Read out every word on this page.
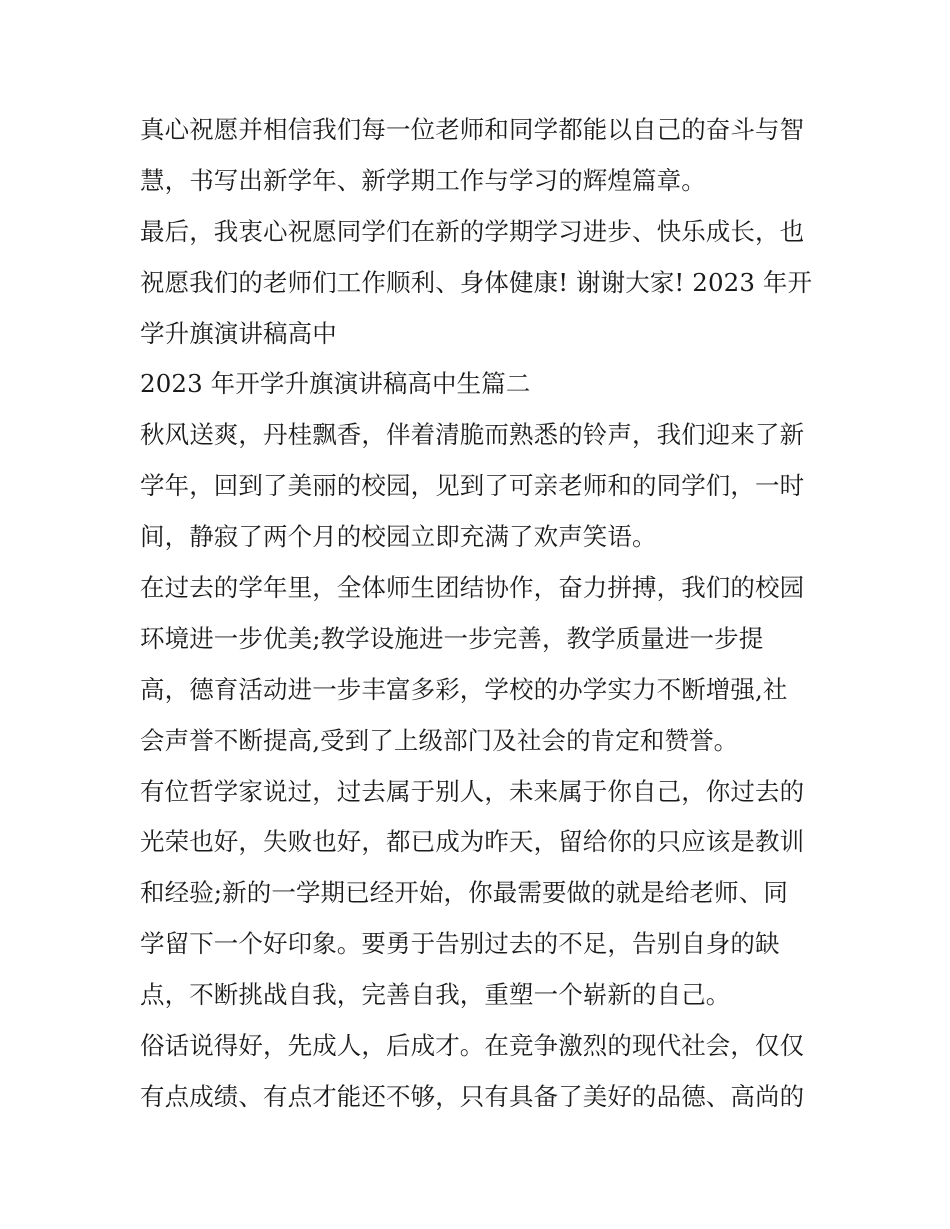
真心祝愿并相信我们每一位老师和同学都能以自己的奋斗与智
慧，书写出新学年、新学期工作与学习的辉煌篇章。
最后，我衷心祝愿同学们在新的学期学习进步、快乐成长，也
祝愿我们的老师们工作顺利、身体健康! 谢谢大家! 2023 年开
学升旗演讲稿高中
2023 年开学升旗演讲稿高中生篇二
秋风送爽，丹桂飘香，伴着清脆而熟悉的铃声，我们迎来了新
学年，回到了美丽的校园，见到了可亲老师和的同学们，一时
间，静寂了两个月的校园立即充满了欢声笑语。
在过去的学年里，全体师生团结协作，奋力拼搏，我们的校园
环境进一步优美;教学设施进一步完善，教学质量进一步提
高，德育活动进一步丰富多彩，学校的办学实力不断增强,社
会声誉不断提高,受到了上级部门及社会的肯定和赞誉。
有位哲学家说过，过去属于别人，未来属于你自己，你过去的
光荣也好，失败也好，都已成为昨天，留给你的只应该是教训
和经验;新的一学期已经开始，你最需要做的就是给老师、同
学留下一个好印象。要勇于告别过去的不足，告别自身的缺
点，不断挑战自我，完善自我，重塑一个崭新的自己。
俗话说得好，先成人，后成才。在竞争激烈的现代社会，仅仅
有点成绩、有点才能还不够，只有具备了美好的品德、高尚的
